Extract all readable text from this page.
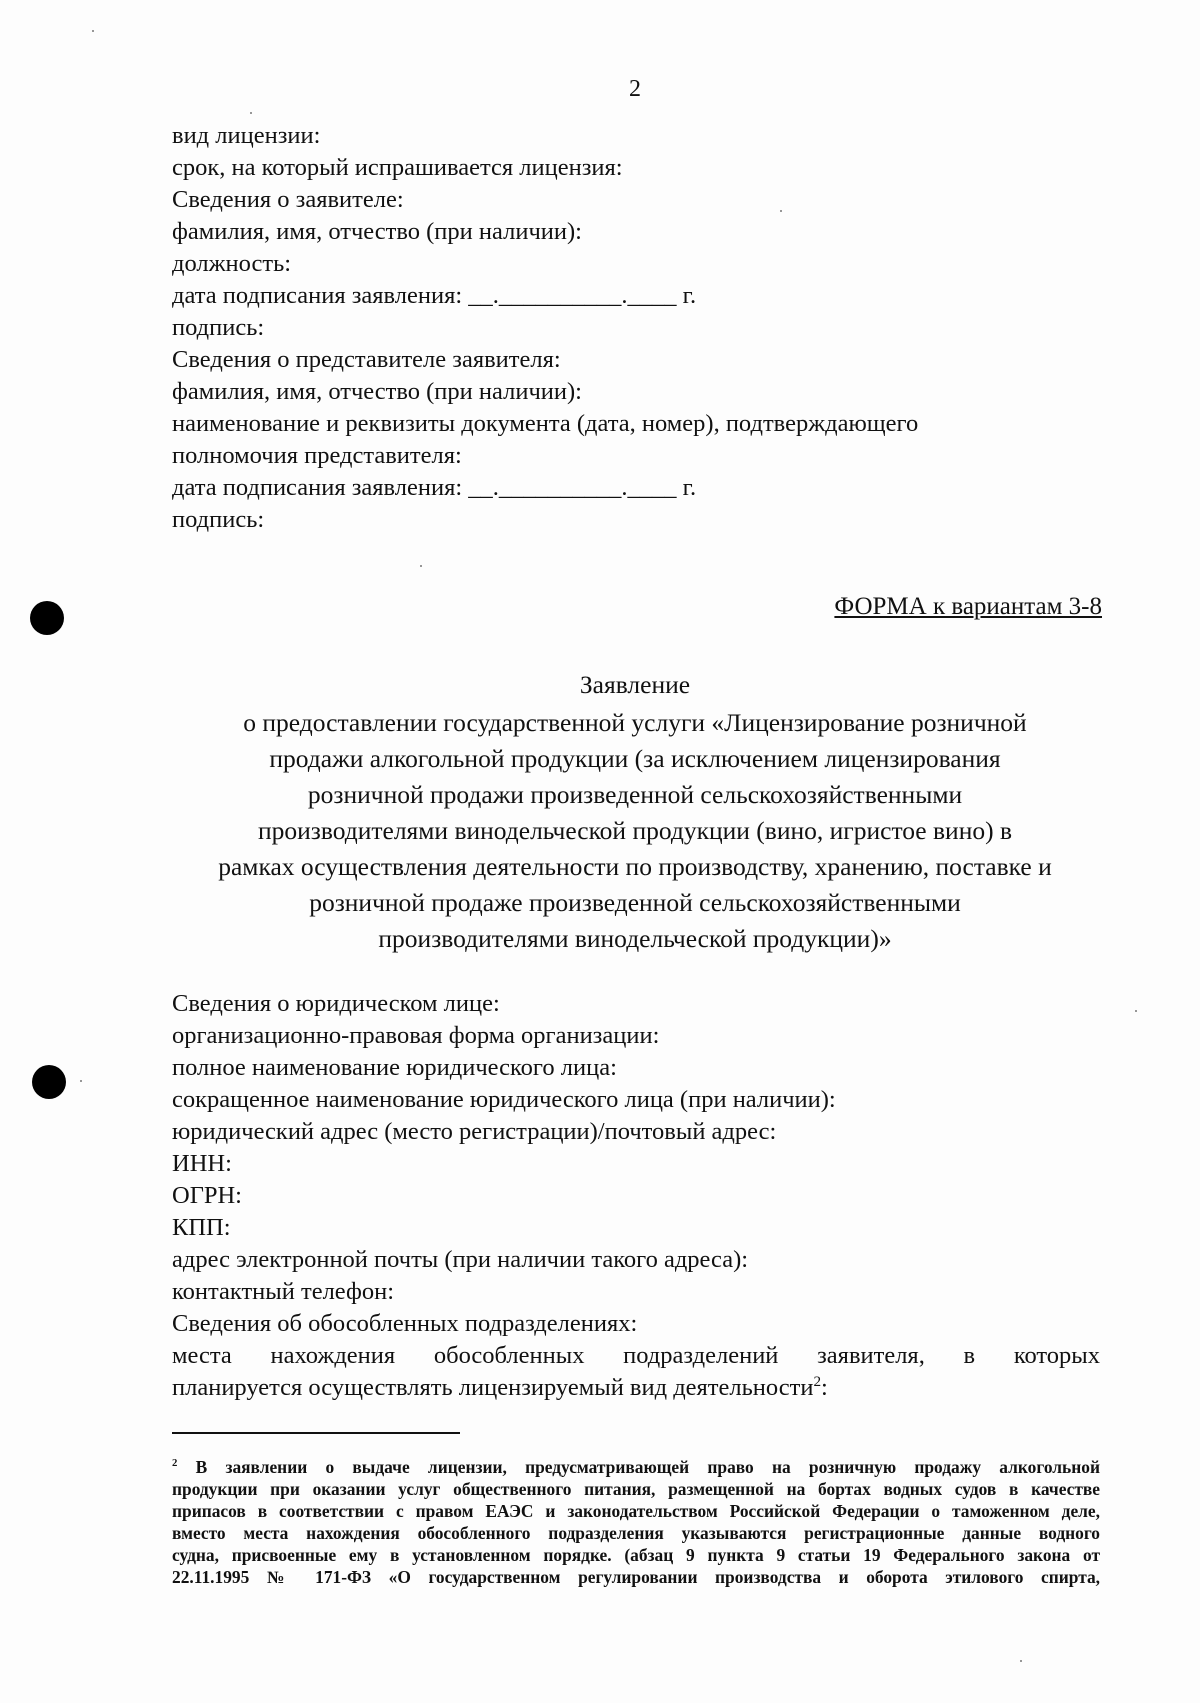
2
вид лицензии:
срок, на который испрашивается лицензия:
Сведения о заявителе:
фамилия, имя, отчество (при наличии):
должность:
дата подписания заявления: __.__________.____ г.
подпись:
Сведения о представителе заявителя:
фамилия, имя, отчество (при наличии):
наименование и реквизиты документа (дата, номер), подтверждающего
полномочия представителя:
дата подписания заявления: __.__________.____ г.
подпись:
ФОРМА к вариантам 3-8
Заявление
о предоставлении государственной услуги «Лицензирование розничной
продажи алкогольной продукции (за исключением лицензирования
розничной продажи произведенной сельскохозяйственными
производителями винодельческой продукции (вино, игристое вино) в
рамках осуществления деятельности по производству, хранению, поставке и
розничной продаже произведенной сельскохозяйственными
производителями винодельческой продукции)»
Сведения о юридическом лице:
организационно-правовая форма организации:
полное наименование юридического лица:
сокращенное наименование юридического лица (при наличии):
юридический адрес (место регистрации)/почтовый адрес:
ИНН:
ОГРН:
КПП:
адрес электронной почты (при наличии такого адреса):
контактный телефон:
Сведения об обособленных подразделениях:
места нахождения обособленных подразделений заявителя, в которых
планируется осуществлять лицензируемый вид деятельности$^2$:
$^2$ В заявлении о выдаче лицензии, предусматривающей право на розничную продажу алкогольной
продукции при оказании услуг общественного питания, размещенной на бортах водных судов в качестве
припасов в соответствии с правом ЕАЭС и законодательством Российской Федерации о таможенном деле,
вместо места нахождения обособленного подразделения указываются регистрационные данные водного
судна, присвоенные ему в установленном порядке. (абзац 9 пункта 9 статьи 19 Федерального закона от
22.11.1995 № 171-ФЗ «О государственном регулировании производства и оборота этилового спирта,
